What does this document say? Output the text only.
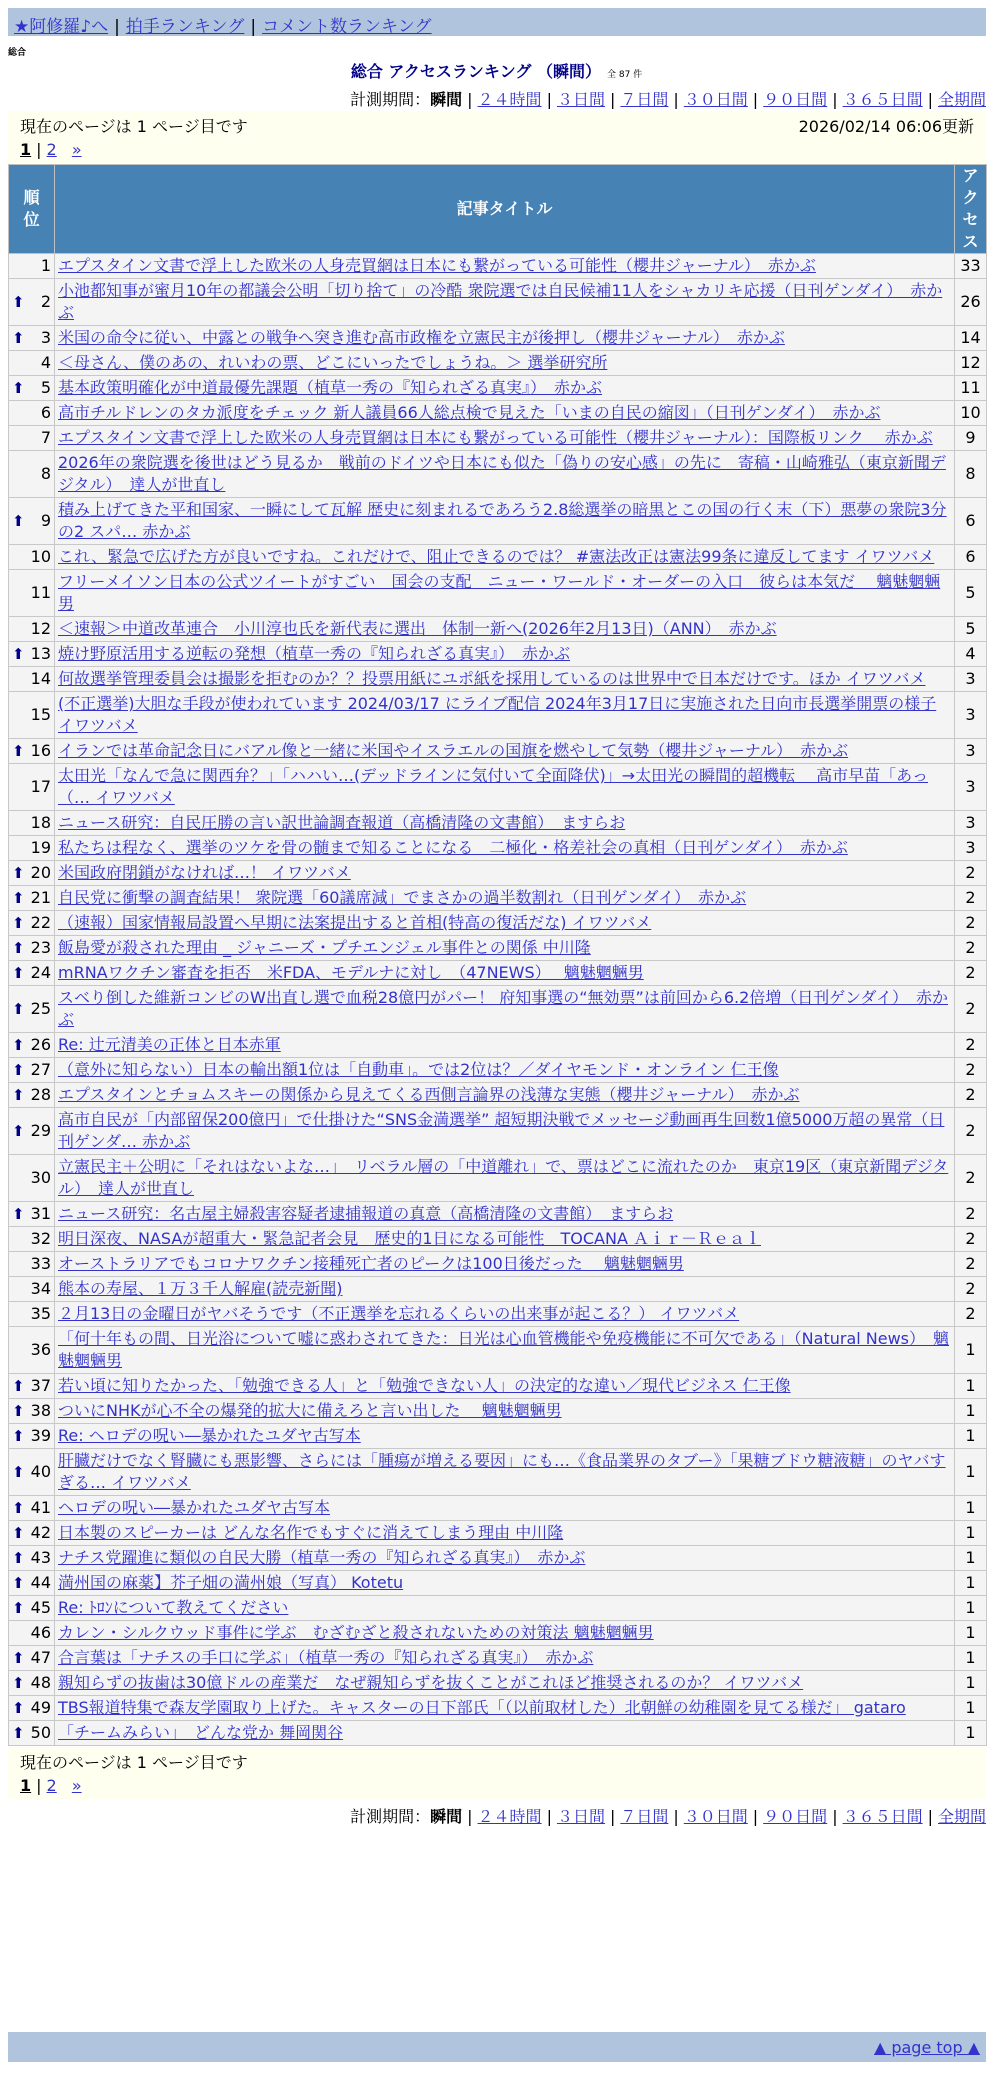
★阿修羅♪へ | 拍手ランキング | コメント数ランキング
総合
総合 アクセスランキング （瞬間） 全 87 件
計測期間：瞬間 | ２４時間 | ３日間 | ７日間 | ３０日間 | ９０日間 | ３６５日間 | 全期間
現在のページは 1 ページ目です	2026/02/14 06:06更新
1 | 2 »
順位	記事タイトル	アクセス

1	エプスタイン文書で浮上した欧米の人身売買網は日本にも繋がっている可能性（櫻井ジャーナル）　赤かぶ	33

⬆ 2	小池都知事が蜜月10年の都議会公明「切り捨て」の冷酷 衆院選では自民候補11人をシャカリキ応援（日刊ゲンダイ）　赤かぶ	26

⬆ 3	米国の命令に従い、中露との戦争へ突き進む高市政権を立憲民主が後押し（櫻井ジャーナル）　赤かぶ	14
4	＜母さん、僕のあの、れいわの票、どこにいったでしょうね。＞ 選挙研究所	12

⬆ 5	基本政策明確化が中道最優先課題（植草一秀の『知られざる真実』）　赤かぶ	11
6	高市チルドレンのタカ派度をチェック 新人議員66人総点検で見えた「いまの自民の縮図」（日刊ゲンダイ）　赤かぶ	10
7	エプスタイン文書で浮上した欧米の人身売買網は日本にも繋がっている可能性（櫻井ジャーナル）：国際板リンク　 赤かぶ	9
8	2026年の衆院選を後世はどう見るか　戦前のドイツや日本にも似た「偽りの安心感」の先に　寄稿・山崎雅弘（東京新聞デジタル）　達人が世直し	8

⬆ 9	積み上げてきた平和国家、一瞬にして瓦解 歴史に刻まれるであろう2.8総選挙の暗黒とこの国の行く末（下）悪夢の衆院3分の2 スパ… 赤かぶ	6
10	これ、緊急で広げた方が良いですね。これだけで、阻止できるのでは？ #憲法改正は憲法99条に違反してます イワツバメ	6
11	フリーメイソン日本の公式ツイートがすごい　国会の支配　ニュー・ワールド・オーダーの入口　彼らは本気だ　 魑魅魍魎男	5
12	＜速報＞中道改革連合　小川淳也氏を新代表に選出　体制一新へ(2026年2月13日)（ANN）　赤かぶ	5

⬆ 13	焼け野原活用する逆転の発想（植草一秀の『知られざる真実』）　赤かぶ	4
14	何故選挙管理委員会は撮影を拒むのか？？投票用紙にユポ紙を採用しているのは世界中で日本だけです。ほか イワツバメ	3
15	(不正選挙)大胆な手段が使われています 2024/03/17 にライブ配信 2024年3月17日に実施された日向市長選挙開票の様子 イワツバメ	3

⬆ 16	イランでは革命記念日にバアル像と一緒に米国やイスラエルの国旗を燃やして気勢（櫻井ジャーナル）　赤かぶ	3
17	太田光「なんで急に関西弁？」「ハハい…(デッドラインに気付いて全面降伏)」→太田光の瞬間的超機転　 高市早苗「あっ（… イワツバメ	3
18	ニュース研究：自民圧勝の言い訳世論調査報道（高橋清隆の文書館）　ますらお	3
19	私たちは程なく、選挙のツケを骨の髄まで知ることになる　二極化・格差社会の真相（日刊ゲンダイ）　赤かぶ	3

⬆ 20	米国政府閉鎖がなければ…！ イワツバメ	2

⬆ 21	自民党に衝撃の調査結果！ 衆院選「60議席減」でまさかの過半数割れ（日刊ゲンダイ）　赤かぶ	2

⬆ 22	（速報）国家情報局設置へ早期に法案提出すると首相(特高の復活だな) イワツバメ	2

⬆ 23	飯島愛が殺された理由 _ ジャニーズ・プチエンジェル事件との関係 中川隆	2

⬆ 24	mRNAワクチン審査を拒否　米FDA、モデルナに対し　（47NEWS）　 魑魅魍魎男	2

⬆ 25	スベり倒した維新コンビのW出直し選で血税28億円がパー！ 府知事選の“無効票”は前回から6.2倍増（日刊ゲンダイ）　赤かぶ	2

⬆ 26	Re: 辻元清美の正体と日本赤軍	2

⬆ 27	（意外に知らない）日本の輸出額1位は「自動車」。では2位は？／ダイヤモンド・オンライン 仁王像	2

⬆ 28	エプスタインとチョムスキーの関係から見えてくる西側言論界の浅薄な実態（櫻井ジャーナル）　赤かぶ	2

⬆ 29	高市自民が「内部留保200億円」で仕掛けた“SNS金満選挙” 超短期決戦でメッセージ動画再生回数1億5000万超の異常（日刊ゲンダ… 赤かぶ	2
30	立憲民主＋公明に「それはないよな…」　リベラル層の「中道離れ」で、票はどこに流れたのか　東京19区（東京新聞デジタル）　達人が世直し	2

⬆ 31	ニュース研究：名古屋主婦殺害容疑者逮捕報道の真意（高橋清隆の文書館）　ますらお	2
32	明日深夜、NASAが超重大・緊急記者会見　歴史的1日になる可能性　TOCANA Ａｉｒ－Ｒｅａｌ	2
33	オーストラリアでもコロナワクチン接種死亡者のピークは100日後だった　 魑魅魍魎男	2
34	熊本の寿屋、１万３千人解雇(読売新聞)	2
35	２月13日の金曜日がヤバそうです（不正選挙を忘れるくらいの出来事が起こる？） イワツバメ	2
36	「何十年もの間、日光浴について嘘に惑わされてきた：日光は心血管機能や免疫機能に不可欠である」（Natural News）　魑魅魍魎男	1

⬆ 37	若い頃に知りたかった、「勉強できる人」と「勉強できない人」の決定的な違い／現代ビジネス 仁王像	1

⬆ 38	ついにNHKが心不全の爆発的拡大に備えろと言い出した　 魑魅魍魎男	1

⬆ 39	Re: ヘロデの呪い―暴かれたユダヤ古写本	1

⬆ 40	肝臓だけでなく腎臓にも悪影響、さらには「腫瘍が増える要因」にも…《食品業界のタブー》「果糖ブドウ糖液糖」のヤバすぎる… イワツバメ	1

⬆ 41	ヘロデの呪い―暴かれたユダヤ古写本	1

⬆ 42	日本製のスピーカーは どんな名作でもすぐに消えてしまう理由 中川隆	1

⬆ 43	ナチス党躍進に類似の自民大勝（植草一秀の『知られざる真実』）　赤かぶ	1

⬆ 44	満州国の麻薬】芥子畑の満州娘（写真） Kotetu	1

⬆ 45	Re: ﾄﾛﾝについて教えてください	1
46	カレン・シルクウッド事件に学ぶ　むざむざと殺されないための対策法 魑魅魍魎男	1

⬆ 47	合言葉は「ナチスの手口に学ぶ」（植草一秀の『知られざる真実』）　赤かぶ	1

⬆ 48	親知らずの抜歯は30億ドルの産業だ　なぜ親知らずを抜くことがこれほど推奨されるのか？ イワツバメ	1

⬆ 49	TBS報道特集で森友学園取り上げた。キャスターの日下部氏「（以前取材した）北朝鮮の幼稚園を見てる様だ」 gataro	1

⬆ 50	「チームみらい」　どんな党か 舞岡関谷	1
現在のページは 1 ページ目です
1 | 2 »
計測期間：瞬間 | ２４時間 | ３日間 | ７日間 | ３０日間 | ９０日間 | ３６５日間 | 全期間
▲ page top ▲
